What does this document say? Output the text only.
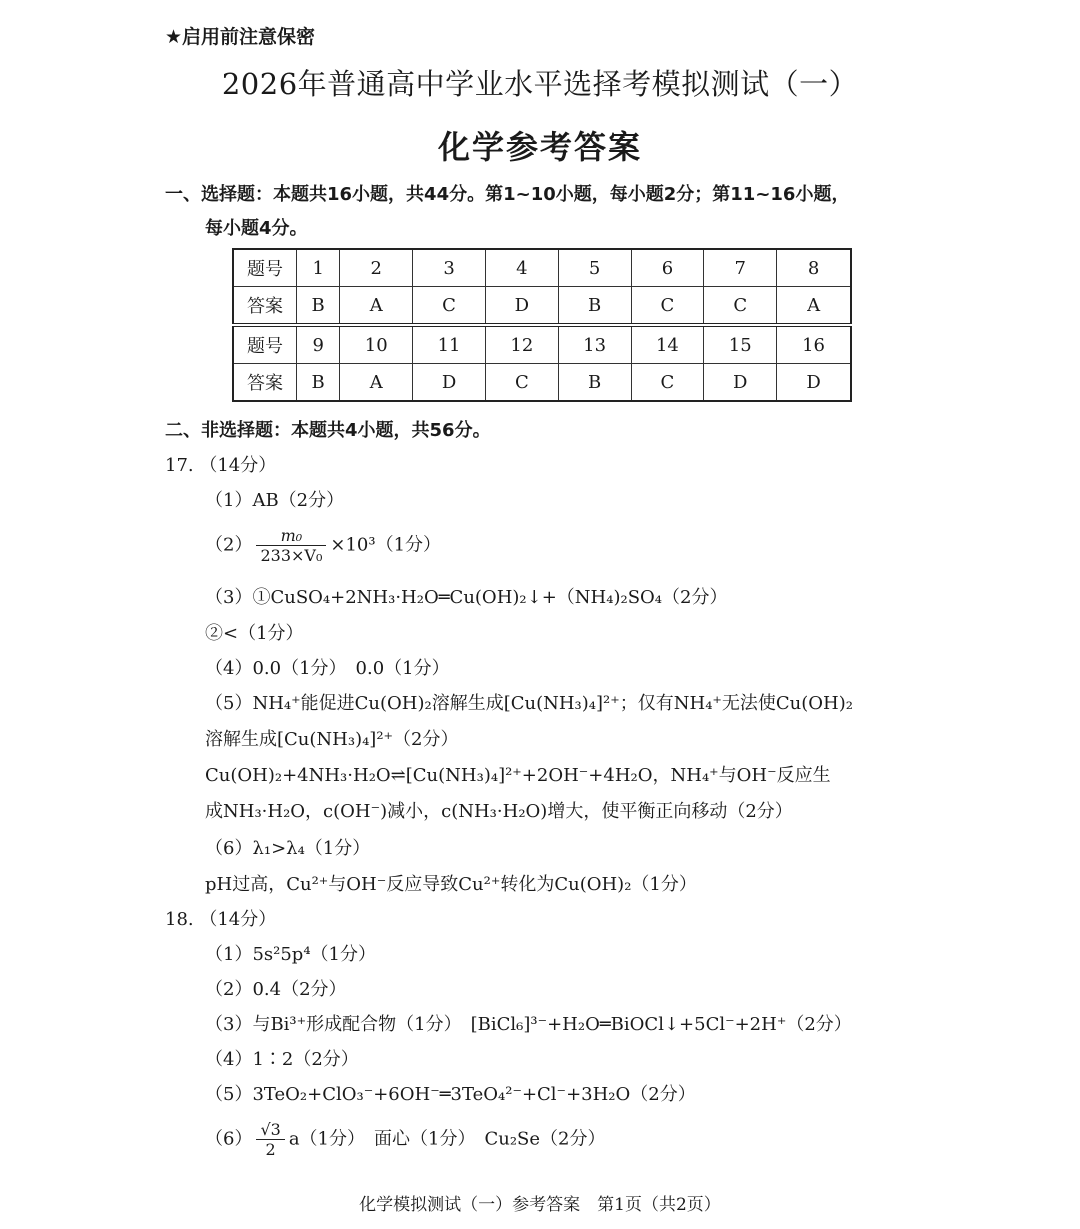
★启用前注意保密
2026年普通高中学业水平选择考模拟测试（一）
化学参考答案
一、选择题：本题共16小题，共44分。第1~10小题，每小题2分；第11~16小题，
每小题4分。
题号	1	2	3	4	5	6	7	8
答案	B	A	C	D	B	C	C	A
题号	9	10	11	12	13	14	15	16
答案	B	A	D	C	B	C	D	D
二、非选择题：本题共4小题，共56分。
17. （14分）
（1）AB（2分）
$(2) \frac{\text{m₀}}{\text{233×V₀}} \times 10^3(1$分）
（3）①CuSO₄+2NH₃·H₂O═Cu(OH)₂↓+（NH₄)₂SO₄（2分）
②<（1分）
（4）0.0（1分）　0.0（1分）
（5）NH₄⁺能促进Cu(OH)₂溶解生成[Cu(NH₃)₄]²⁺；仅有NH₄⁺无法使Cu(OH)₂
溶解生成[Cu(NH₃)₄]²⁺（2分）
Cu(OH)₂+4NH₃·H₂O⇌[Cu(NH₃)₄]²⁺+2OH⁻+4H₂O，NH₄⁺与OH⁻反应生
成NH₃·H₂O，c(OH⁻)减小，c(NH₃·H₂O)增大，使平衡正向移动（2分）
（6）λ₁>λ₄（1分）
pH过高，Cu²⁺与OH⁻反应导致Cu²⁺转化为Cu(OH)₂（1分）
18. （14分）
（1）5s²5p⁴（1分）
（2）0.4（2分）
（3）与Bi³⁺形成配合物（1分）　[BiCl₆]³⁻+H₂O═BiOCl↓+5Cl⁻+2H⁺（2分）
（4）1∶2（2分）
（5）3TeO₂+ClO₃⁻+6OH⁻═3TeO₄²⁻+Cl⁻+3H₂O（2分）
$(6) \frac{√3}{2} a(1$分）　面心（1分）　Cu₂Se（2分）
化学模拟测试（一）参考答案　第1页（共2页）
